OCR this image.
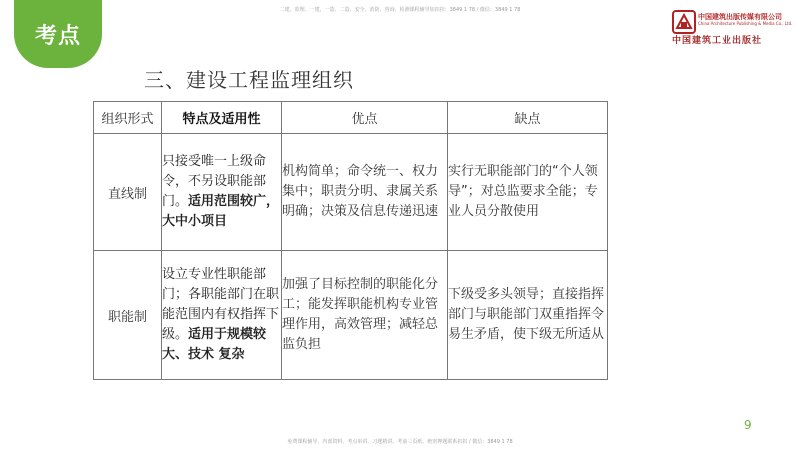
考点
二建、监理、一建、一造、二造、安全、消防、咨询、检测课程辅导加扣扣：3849 1 78 / 微信：3849 1 78
中国建筑出版传媒有限公司
China Architecture Publishing & Media Co., Ltd.
中国建筑工业出版社
三、建设工程监理组织
组织形式	特点及适用性	优点	缺点
直线制	只接受唯一上级命令，不另设职能部门。适用范围较广，大中小项目	机构简单；命令统一、权力集中；职责分明、隶属关系明确；决策及信息传递迅速	实行无职能部门的“个人领导”；对总监要求全能；专业人员分散使用
职能制	设立专业性职能部门；各职能部门在职能范围内有权指挥下级。适用于规模较 大、技术 复杂	加强了目标控制的职能化分工；能发挥职能机构专业管理作用，高效管理；减轻总监负担	下级受多头领导；直接指挥部门与职能部门双重指挥令易生矛盾，使下级无所适从
9
免费课程辅导、内部资料、考点串讲、习题精讲、考前三页纸、绝密押题联系扣扣 / 微信：3849 1 78
